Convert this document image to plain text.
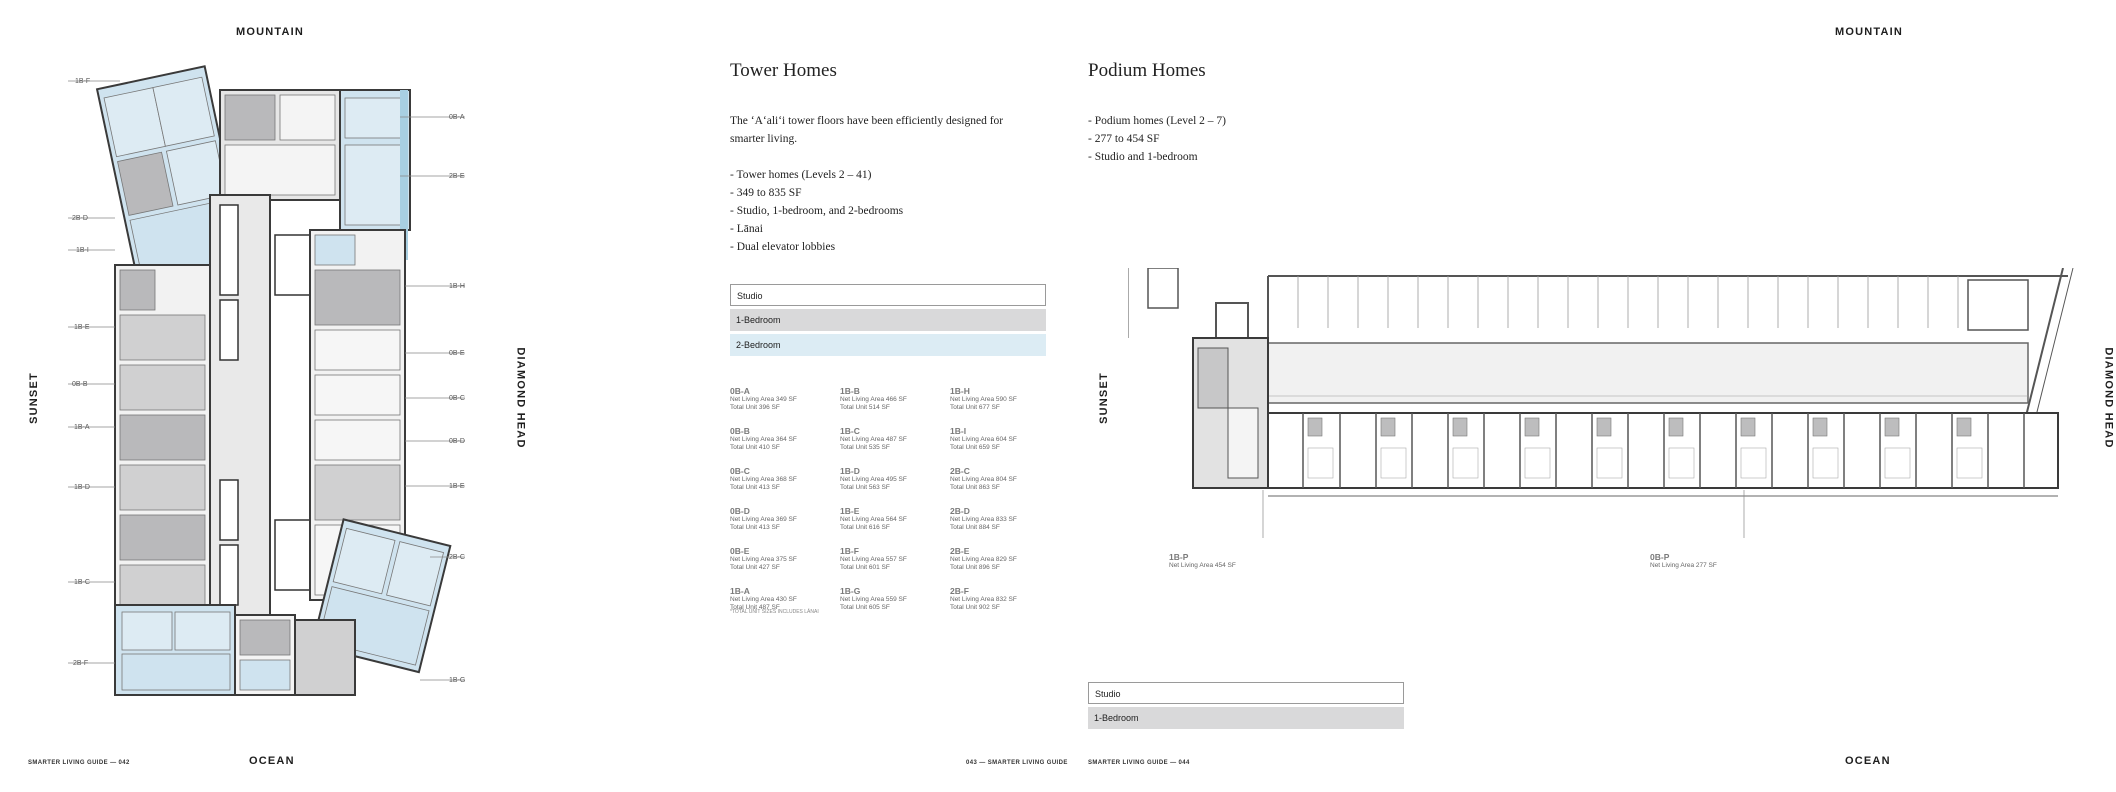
MOUNTAIN
OCEAN
SUNSET	DIAMOND HEAD
1B-F
2B-D
1B-I
1B-E
0B-B
1B-A
1B-D
1B-C
2B-F
0B-A
2B-E
1B-H
0B-E
0B-C
0B-D
1B-E
2B-C
1B-G
Tower Homes

The ʻAʻaliʻi tower floors have been efficiently designed for smarter living.

- Tower homes (Levels 2 – 41)
- 349 to 835 SF
- Studio, 1-bedroom, and 2-bedrooms
- Lānai
- Dual elevator lobbies
Studio
1-Bedroom
2-Bedroom
0B-A
Net Living Area 349 SF
Total Unit 396 SF
1B-B
Net Living Area 466 SF
Total Unit 514 SF
1B-H
Net Living Area 590 SF
Total Unit 677 SF
0B-B
Net Living Area 364 SF
Total Unit 410 SF
1B-C
Net Living Area 487 SF
Total Unit 535 SF
1B-I
Net Living Area 604 SF
Total Unit 659 SF
0B-C
Net Living Area 368 SF
Total Unit 413 SF
1B-D
Net Living Area 495 SF
Total Unit 563 SF
2B-C
Net Living Area 804 SF
Total Unit 863 SF
0B-D
Net Living Area 369 SF
Total Unit 413 SF
1B-E
Net Living Area 564 SF
Total Unit 616 SF
2B-D
Net Living Area 833 SF
Total Unit 884 SF
0B-E
Net Living Area 375 SF
Total Unit 427 SF
1B-F
Net Living Area 557 SF
Total Unit 601 SF
2B-E
Net Living Area 829 SF
Total Unit 896 SF
1B-A
Net Living Area 430 SF
Total Unit 487 SF
1B-G
Net Living Area 559 SF
Total Unit 605 SF
2B-F
Net Living Area 832 SF
Total Unit 902 SF
*TOTAL UNIT SIZES INCLUDES LĀNAI
SMARTER LIVING GUIDE — 042	043 — SMARTER LIVING GUIDE
MOUNTAIN
OCEAN
SUNSET	DIAMOND HEAD
Podium Homes
- Podium homes (Level 2 – 7)
- 277 to 454 SF
- Studio and 1-bedroom
1B-P
Net Living Area 454 SF
0B-P
Net Living Area 277 SF
Studio
1-Bedroom
SMARTER LIVING GUIDE — 044
